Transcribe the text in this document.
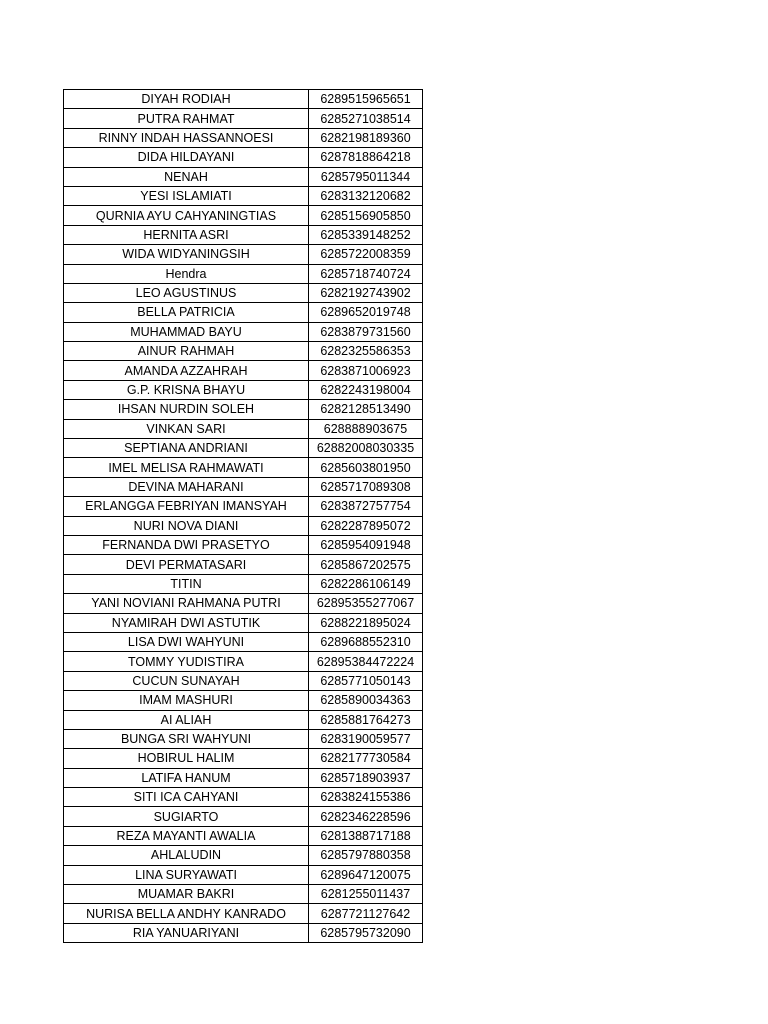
DIYAH RODIAH	6289515965651
PUTRA RAHMAT	6285271038514
RINNY INDAH HASSANNOESI	6282198189360
DIDA HILDAYANI	6287818864218
NENAH	6285795011344
YESI ISLAMIATI	6283132120682
QURNIA AYU CAHYANINGTIAS	6285156905850
HERNITA ASRI	6285339148252
WIDA WIDYANINGSIH	6285722008359
Hendra	6285718740724
LEO AGUSTINUS	6282192743902
BELLA PATRICIA	6289652019748
MUHAMMAD BAYU	6283879731560
AINUR RAHMAH	6282325586353
AMANDA AZZAHRAH	6283871006923
G.P. KRISNA BHAYU	6282243198004
IHSAN NURDIN SOLEH	6282128513490
VINKAN SARI	628888903675
SEPTIANA ANDRIANI	62882008030335
IMEL MELISA RAHMAWATI	6285603801950
DEVINA MAHARANI	6285717089308
ERLANGGA FEBRIYAN IMANSYAH	6283872757754
NURI NOVA DIANI	6282287895072
FERNANDA DWI PRASETYO	6285954091948
DEVI PERMATASARI	6285867202575
TITIN	6282286106149
YANI NOVIANI RAHMANA PUTRI	62895355277067
NYAMIRAH DWI ASTUTIK	6288221895024
LISA DWI WAHYUNI	6289688552310
TOMMY YUDISTIRA	62895384472224
CUCUN SUNAYAH	6285771050143
IMAM MASHURI	6285890034363
AI ALIAH	6285881764273
BUNGA SRI WAHYUNI	6283190059577
HOBIRUL HALIM	6282177730584
LATIFA HANUM	6285718903937
SITI ICA CAHYANI	6283824155386
SUGIARTO	6282346228596
REZA MAYANTI AWALIA	6281388717188
AHLALUDIN	6285797880358
LINA SURYAWATI	6289647120075
MUAMAR BAKRI	6281255011437
NURISA BELLA ANDHY KANRADO	6287721127642
RIA YANUARIYANI	6285795732090
